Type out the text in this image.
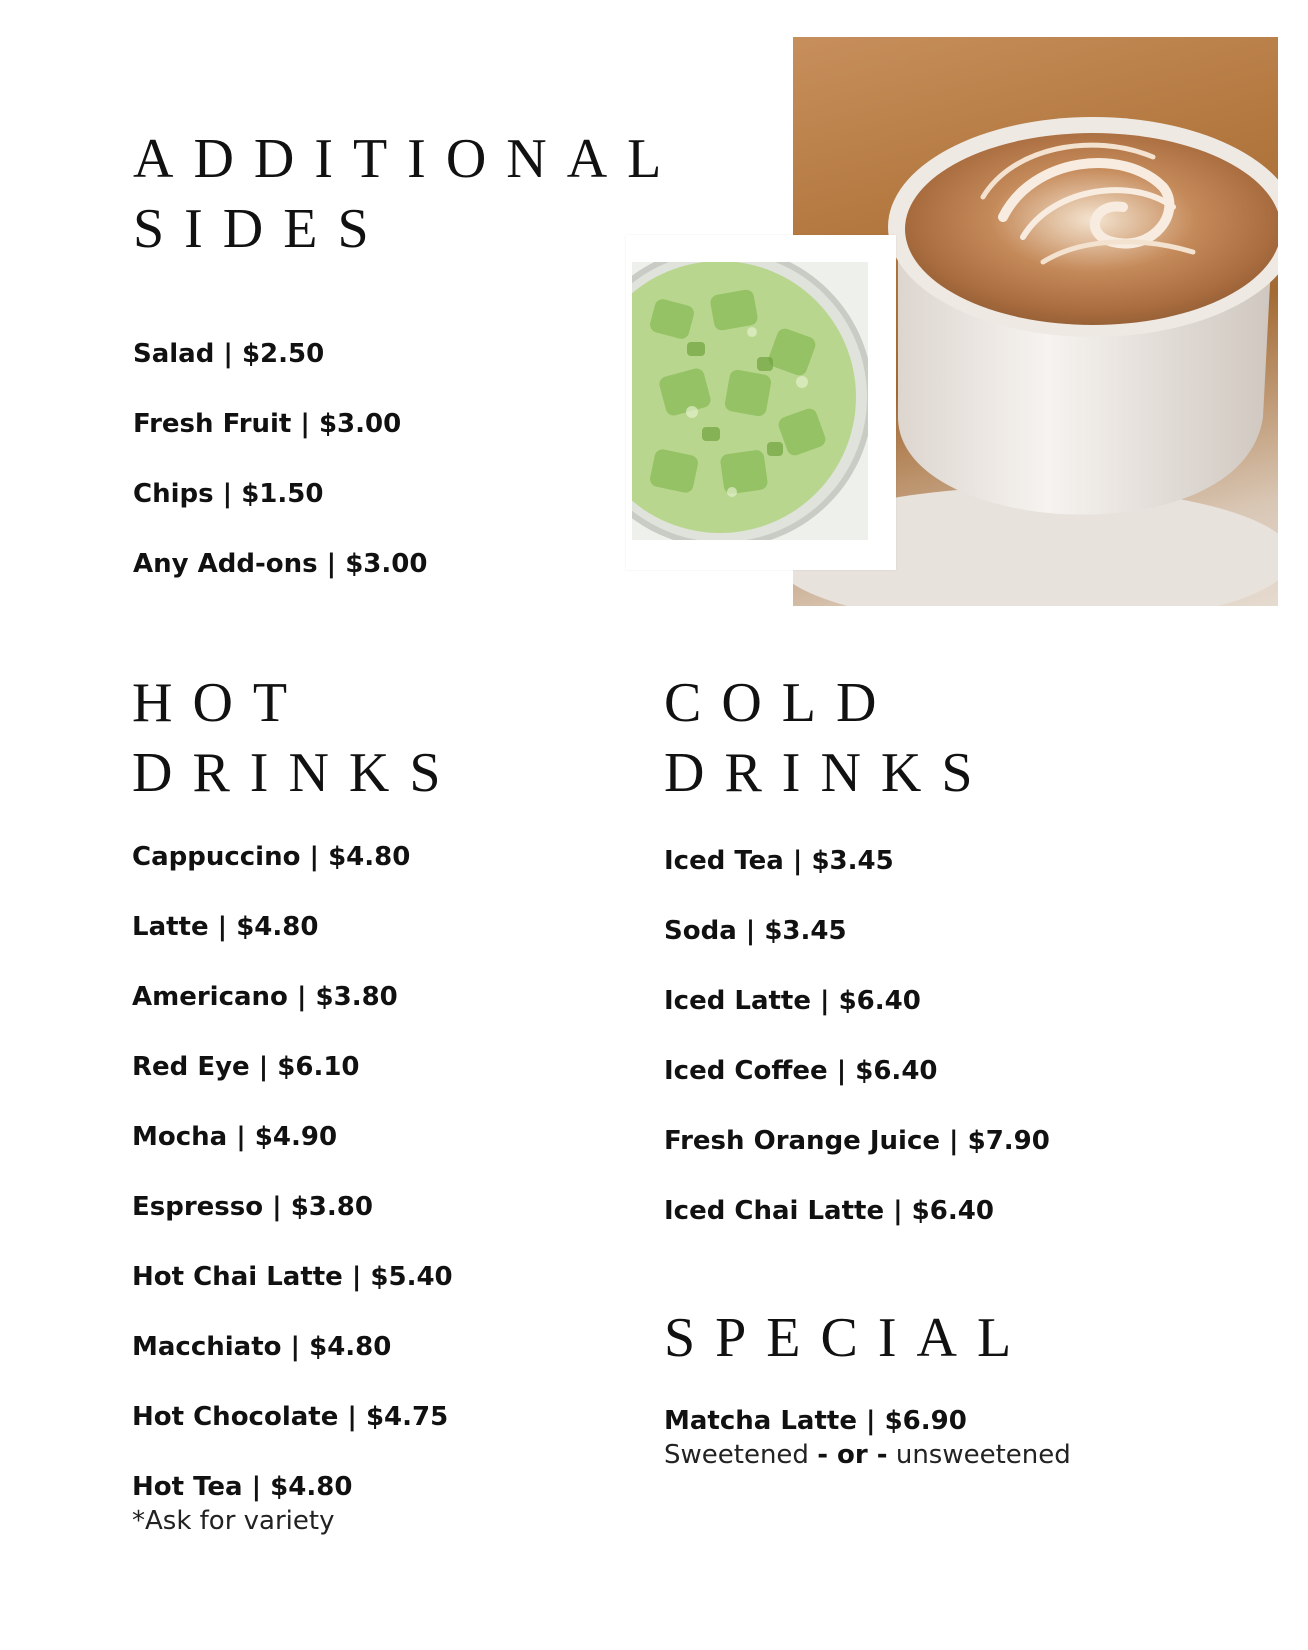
ADDITIONAL
SIDES

Salad | $2.50

Fresh Fruit | $3.00

Chips | $1.50

Any Add-ons | $3.00

HOT
DRINKS

Cappuccino | $4.80

Latte | $4.80

Americano | $3.80

Red Eye | $6.10

Mocha | $4.90

Espresso | $3.80

Hot Chai Latte | $5.40

Macchiato | $4.80

Hot Chocolate | $4.75

Hot Tea | $4.80

*Ask for variety

COLD
DRINKS

Iced Tea | $3.45

Soda | $3.45

Iced Latte | $6.40

Iced Coffee | $6.40

Fresh Orange Juice | $7.90

Iced Chai Latte | $6.40

SPECIAL

Matcha Latte | $6.90

Sweetened - or - unsweetened
